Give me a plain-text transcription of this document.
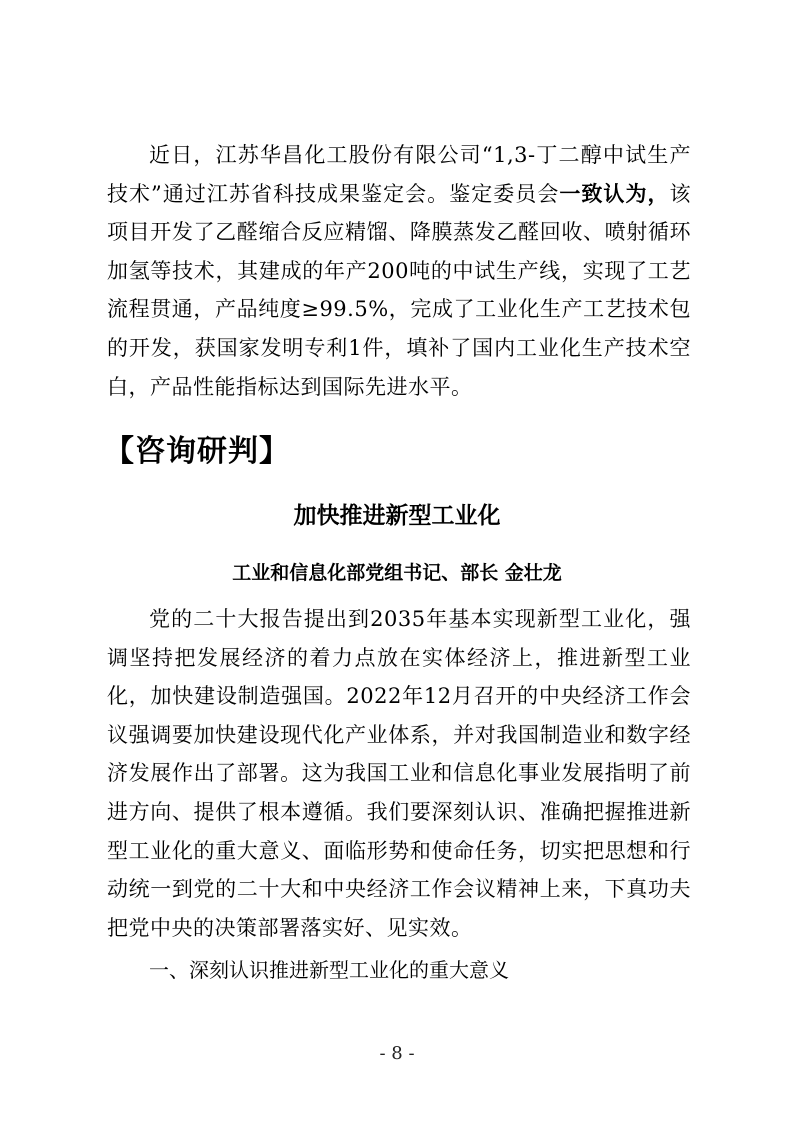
近日，江苏华昌化工股份有限公司“1,3-丁二醇中试生产技术”通过江苏省科技成果鉴定会。鉴定委员会一致认为，该项目开发了乙醛缩合反应精馏、降膜蒸发乙醛回收、喷射循环加氢等技术，其建成的年产200吨的中试生产线，实现了工艺流程贯通，产品纯度≥99.5%，完成了工业化生产工艺技术包的开发，获国家发明专利1件，填补了国内工业化生产技术空白，产品性能指标达到国际先进水平。

【咨询研判】
加快推进新型工业化
工业和信息化部党组书记、部长 金壮龙

党的二十大报告提出到2035年基本实现新型工业化，强调坚持把发展经济的着力点放在实体经济上，推进新型工业化，加快建设制造强国。2022年12月召开的中央经济工作会议强调要加快建设现代化产业体系，并对我国制造业和数字经济发展作出了部署。这为我国工业和信息化事业发展指明了前进方向、提供了根本遵循。我们要深刻认识、准确把握推进新型工业化的重大意义、面临形势和使命任务，切实把思想和行动统一到党的二十大和中央经济工作会议精神上来，下真功夫把党中央的决策部署落实好、见实效。

一、深刻认识推进新型工业化的重大意义

- 8 -
